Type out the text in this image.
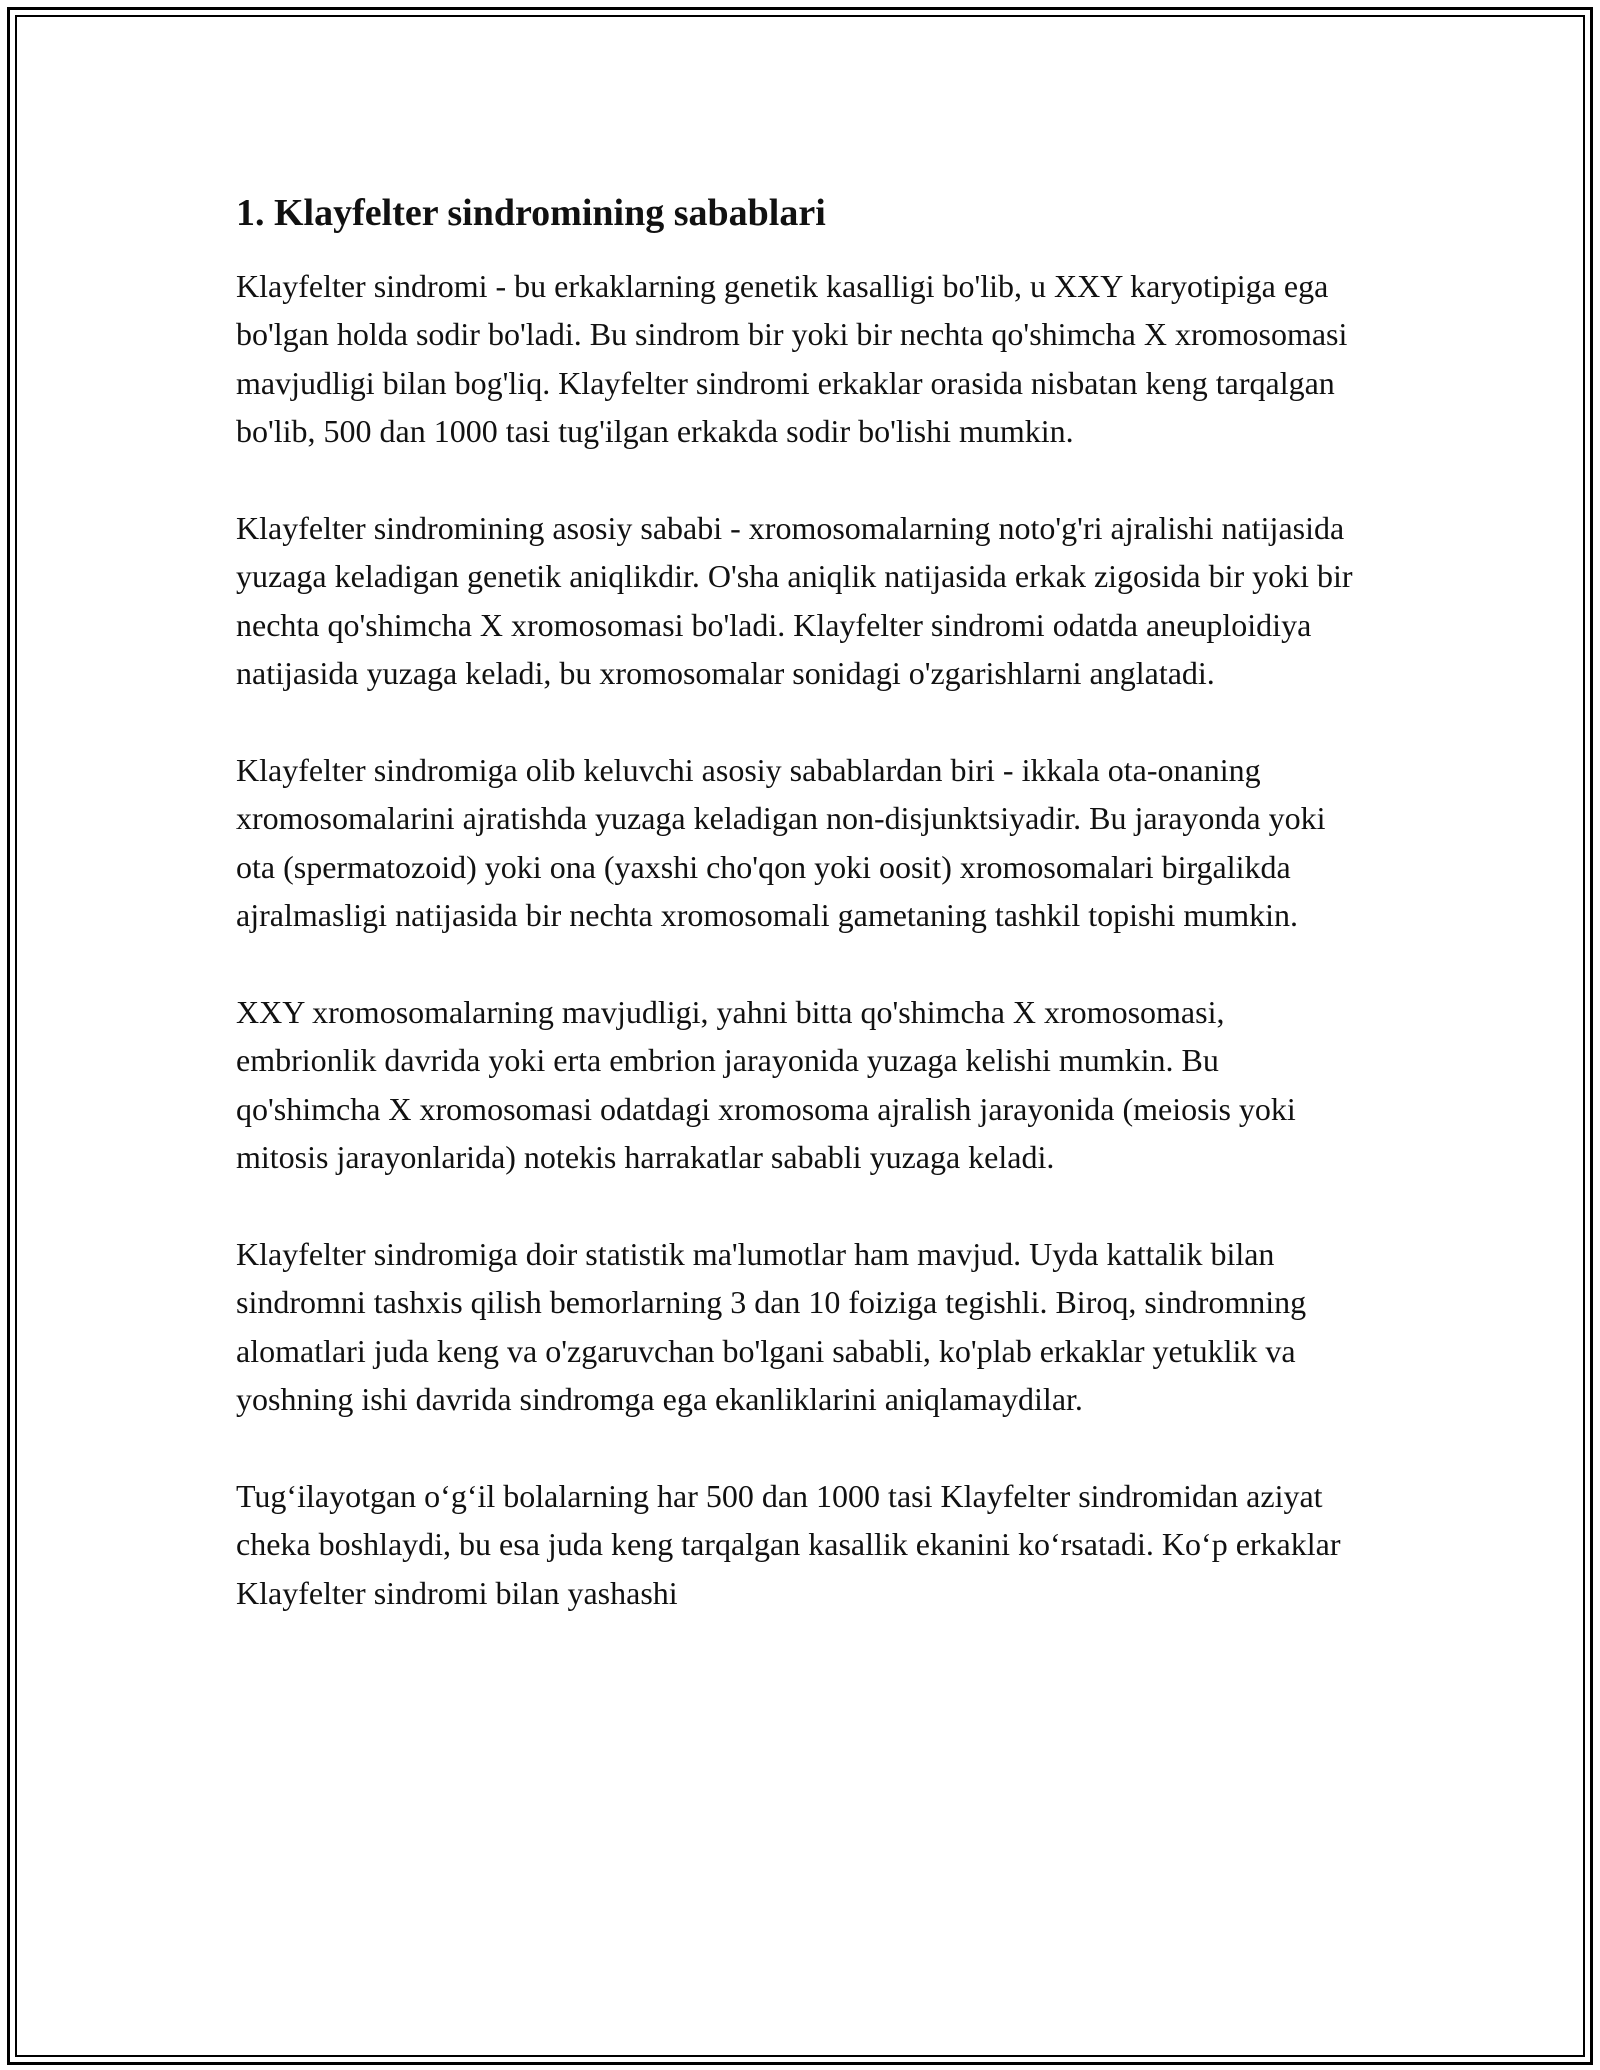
1. Klayfelter sindromining sabablari

Klayfelter sindromi - bu erkaklarning genetik kasalligi bo'lib, u XXY karyotipiga ega bo'lgan holda sodir bo'ladi. Bu sindrom bir yoki bir nechta qo'shimcha X xromosomasi mavjudligi bilan bog'liq. Klayfelter sindromi erkaklar orasida nisbatan keng tarqalgan bo'lib, 500 dan 1000 tasi tug'ilgan erkakda sodir bo'lishi mumkin.

Klayfelter sindromining asosiy sababi - xromosomalarning noto'g'ri ajralishi natijasida yuzaga keladigan genetik aniqlikdir. O'sha aniqlik natijasida erkak zigosida bir yoki bir nechta qo'shimcha X xromosomasi bo'ladi. Klayfelter sindromi odatda aneuploidiya natijasida yuzaga keladi, bu xromosomalar sonidagi o'zgarishlarni anglatadi.

Klayfelter sindromiga olib keluvchi asosiy sabablardan biri - ikkala ota-onaning xromosomalarini ajratishda yuzaga keladigan non-disjunktsiyadir. Bu jarayonda yoki ota (spermatozoid) yoki ona (yaxshi cho'qon yoki oosit) xromosomalari birgalikda ajralmasligi natijasida bir nechta xromosomali gametaning tashkil topishi mumkin.

XXY xromosomalarning mavjudligi, yahni bitta qo'shimcha X xromosomasi, embrionlik davrida yoki erta embrion jarayonida yuzaga kelishi mumkin. Bu qo'shimcha X xromosomasi odatdagi xromosoma ajralish jarayonida (meiosis yoki mitosis jarayonlarida) notekis harrakatlar sababli yuzaga keladi.

Klayfelter sindromiga doir statistik ma'lumotlar ham mavjud. Uyda kattalik bilan sindromni tashxis qilish bemorlarning 3 dan 10 foiziga tegishli. Biroq, sindromning alomatlari juda keng va o'zgaruvchan bo'lgani sababli, ko'plab erkaklar yetuklik va yoshning ishi davrida sindromga ega ekanliklarini aniqlamaydilar.

Tug‘ilayotgan o‘g‘il bolalarning har 500 dan 1000 tasi Klayfelter sindromidan aziyat cheka boshlaydi, bu esa juda keng tarqalgan kasallik ekanini ko‘rsatadi. Ko‘p erkaklar Klayfelter sindromi bilan yashashi
